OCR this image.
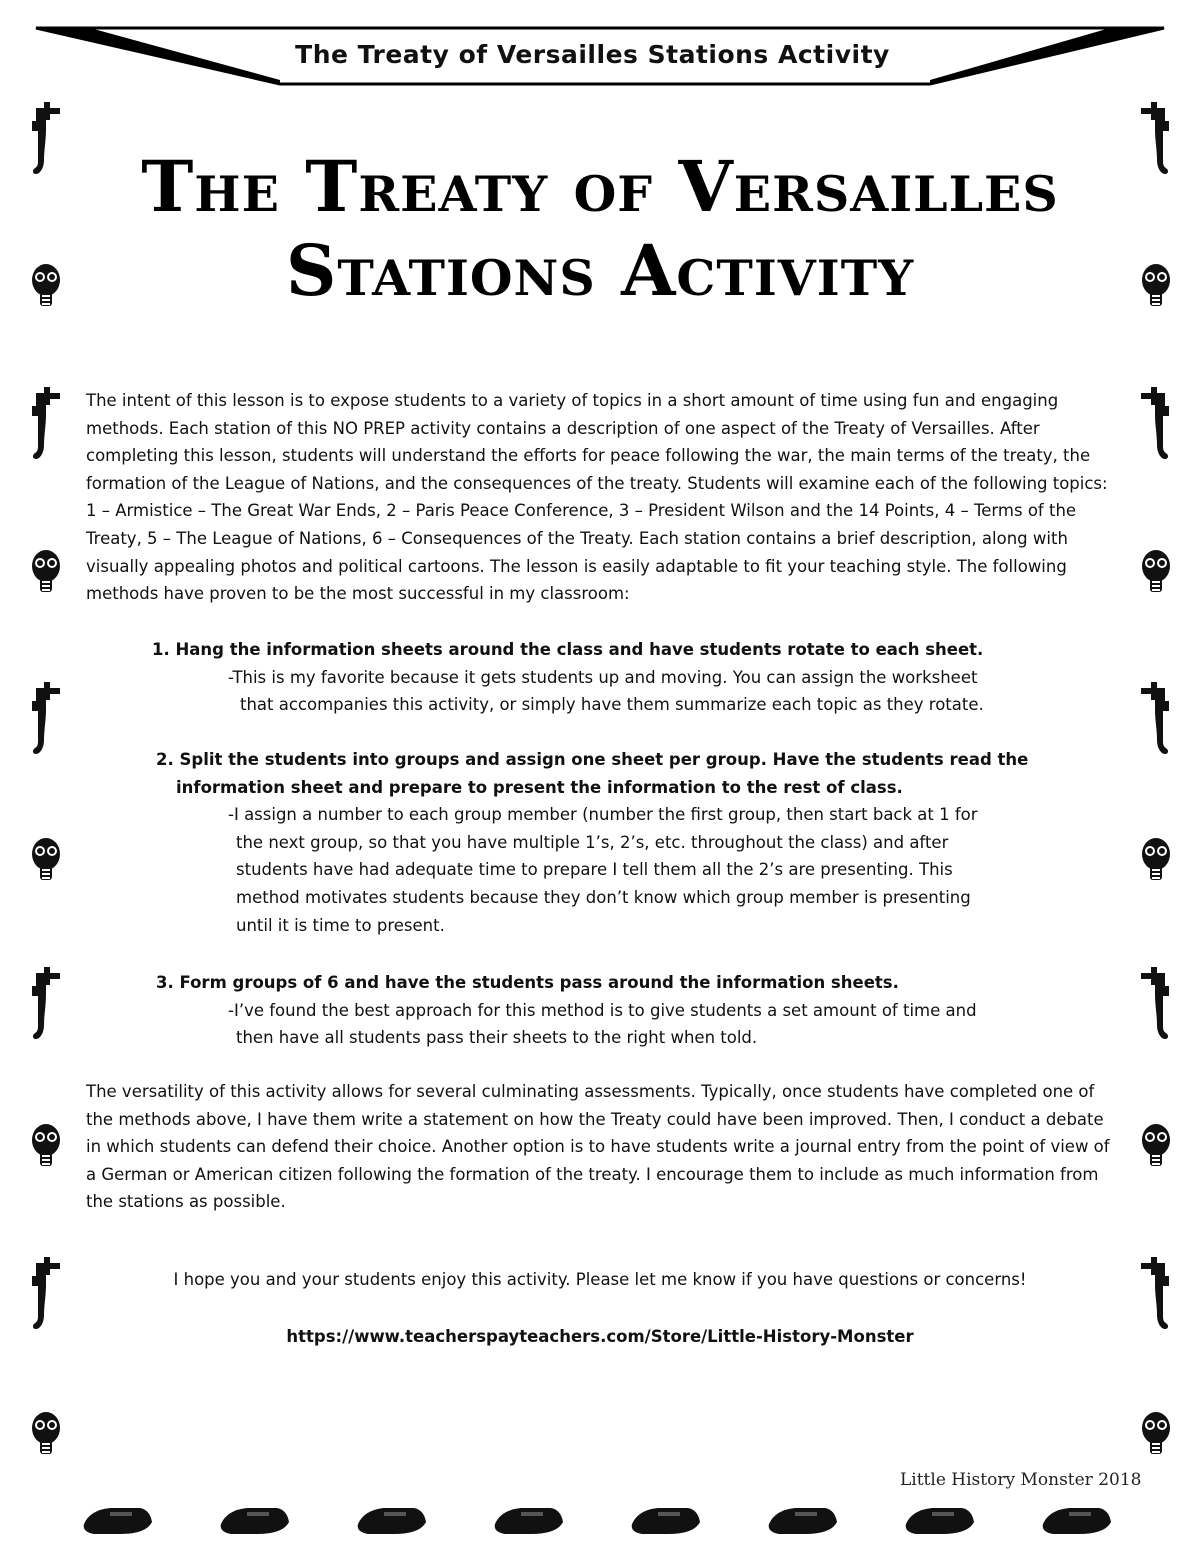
The Treaty of Versailles Stations Activity
The Treaty of Versailles
Stations Activity
The intent of this lesson is to expose students to a variety of topics in a short amount of time using fun and engaging methods. Each station of this NO PREP activity contains a description of one aspect of the Treaty of Versailles. After completing this lesson, students will understand the efforts for peace following the war, the main terms of the treaty, the formation of the League of Nations, and the consequences of the treaty. Students will examine each of the following topics: 1 – Armistice – The Great War Ends, 2 – Paris Peace Conference, 3 – President Wilson and the 14 Points, 4 – Terms of the Treaty, 5 – The League of Nations, 6 – Consequences of the Treaty. Each station contains a brief description, along with visually appealing photos and political cartoons. The lesson is easily adaptable to fit your teaching style. The following methods have proven to be the most successful in my classroom:
1. Hang the information sheets around the class and have students rotate to each sheet.
-This is my favorite because it gets students up and moving. You can assign the worksheet
that accompanies this activity, or simply have them summarize each topic as they rotate.
2. Split the students into groups and assign one sheet per group. Have the students read the
information sheet and prepare to present the information to the rest of class.
-I assign a number to each group member (number the first group, then start back at 1 for
the next group, so that you have multiple 1’s, 2’s, etc. throughout the class) and after
students have had adequate time to prepare I tell them all the 2’s are presenting. This
method motivates students because they don’t know which group member is presenting
until it is time to present.
3. Form groups of 6 and have the students pass around the information sheets.
-I’ve found the best approach for this method is to give students a set amount of time and
then have all students pass their sheets to the right when told.
The versatility of this activity allows for several culminating assessments. Typically, once students have completed one of the methods above, I have them write a statement on how the Treaty could have been improved. Then, I conduct a debate in which students can defend their choice. Another option is to have students write a journal entry from the point of view of a German or American citizen following the formation of the treaty. I encourage them to include as much information from the stations as possible.
I hope you and your students enjoy this activity. Please let me know if you have questions or concerns!
https://www.teacherspayteachers.com/Store/Little-History-Monster
Little History Monster 2018
